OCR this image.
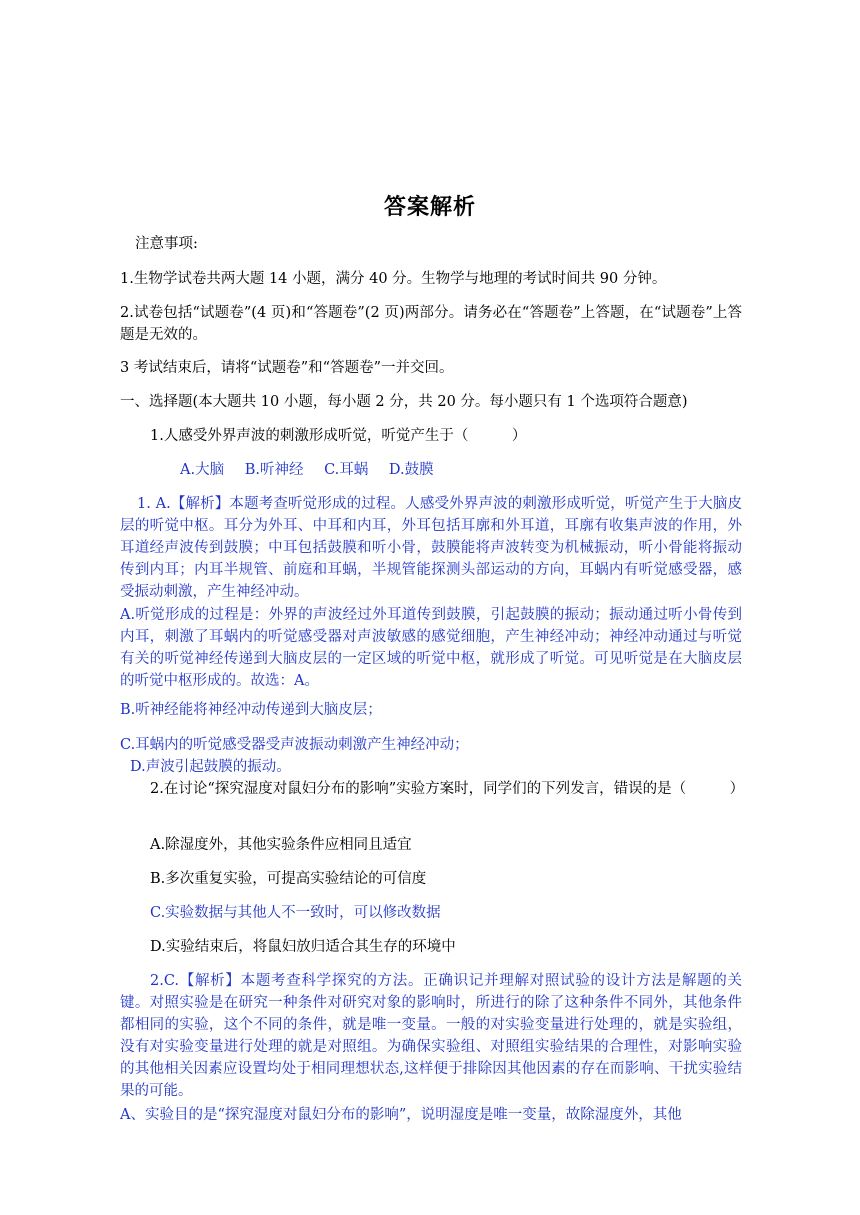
答案解析
注意事项:
1.生物学试卷共两大题 14 小题，满分 40 分。生物学与地理的考试时间共 90 分钟。
2.试卷包括“试题卷”(4 页)和“答题卷”(2 页)两部分。请务必在“答题卷”上答题，在“试题卷”上答题是无效的。
3 考试结束后，请将“试题卷”和“答题卷”一并交回。
一、选择题(本大题共 10 小题，每小题 2 分，共 20 分。每小题只有 1 个选项符合题意)
1.人感受外界声波的刺激形成听觉，听觉产生于（　　　）
A.大脑 B.听神经 C.耳蜗 D.鼓膜
1. A.【解析】本题考查听觉形成的过程。人感受外界声波的刺激形成听觉，听觉产生于大脑皮层的听觉中枢。耳分为外耳、中耳和内耳，外耳包括耳廓和外耳道，耳廓有收集声波的作用，外耳道经声波传到鼓膜；中耳包括鼓膜和听小骨，鼓膜能将声波转变为机械振动，听小骨能将振动传到内耳；内耳半规管、前庭和耳蜗，半规管能探测头部运动的方向，耳蜗内有听觉感受器，感受振动刺激，产生神经冲动。
A.听觉形成的过程是：外界的声波经过外耳道传到鼓膜，引起鼓膜的振动；振动通过听小骨传到内耳，刺激了耳蜗内的听觉感受器对声波敏感的感觉细胞，产生神经冲动；神经冲动通过与听觉有关的听觉神经传递到大脑皮层的一定区域的听觉中枢，就形成了听觉。可见听觉是在大脑皮层的听觉中枢形成的。故选：A。
B.听神经能将神经冲动传递到大脑皮层；
C.耳蜗内的听觉感受器受声波振动刺激产生神经冲动；
D.声波引起鼓膜的振动。
2.在讨论“探究湿度对鼠妇分布的影响”实验方案时，同学们的下列发言，错误的是（　　　）
A.除湿度外，其他实验条件应相同且适宜
B.多次重复实验，可提高实验结论的可信度
C.实验数据与其他人不一致时，可以修改数据
D.实验结束后，将鼠妇放归适合其生存的环境中
2.C.【解析】本题考查科学探究的方法。正确识记并理解对照试验的设计方法是解题的关键。对照实验是在研究一种条件对研究对象的影响时，所进行的除了这种条件不同外，其他条件都相同的实验，这个不同的条件，就是唯一变量。一般的对实验变量进行处理的，就是实验组，没有对实验变量进行处理的就是对照组。为确保实验组、对照组实验结果的合理性，对影响实验的其他相关因素应设置均处于相同理想状态,这样便于排除因其他因素的存在而影响、干扰实验结果的可能。
A、实验目的是“探究湿度对鼠妇分布的影响”，说明湿度是唯一变量，故除湿度外，其他
